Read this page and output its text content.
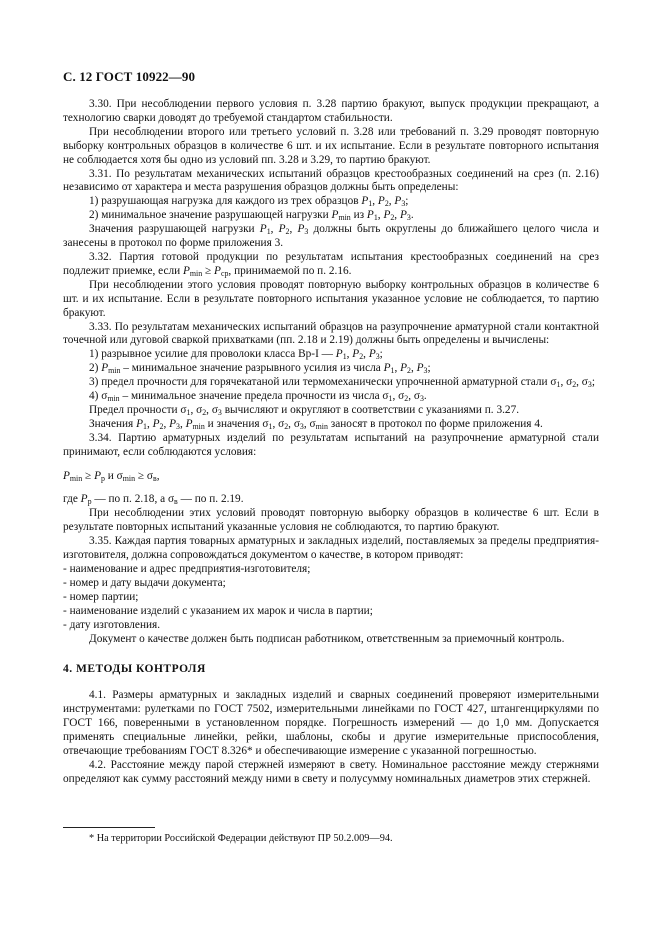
С. 12 ГОСТ 10922—90

3.30. При несоблюдении первого условия п. 3.28 партию бракуют, выпуск продукции прекращают, а технологию сварки доводят до требуемой стандартом стабильности.

При несоблюдении второго или третьего условий п. 3.28 или требований п. 3.29 проводят повторную выборку контрольных образцов в количестве 6 шт. и их испытание. Если в результате повторного испытания не соблюдается хотя бы одно из условий пп. 3.28 и 3.29, то партию бракуют.

3.31. По результатам механических испытаний образцов крестообразных соединений на срез (п. 2.16) независимо от характера и места разрушения образцов должны быть определены:

1) разрушающая нагрузка для каждого из трех образцов $P_1$, $P_2$, $P_3$;

2) минимальное значение разрушающей нагрузки $P_{min}$ из $P_1$, $P_2$, $P_3$.

Значения разрушающей нагрузки $P_1$, $P_2$, $P_3$ должны быть округлены до ближайшего целого числа и занесены в протокол по форме приложения 3.

3.32. Партия готовой продукции по результатам испытания крестообразных соединений на срез подлежит приемке, если $P_{min} \ge P_{ср}$, принимаемой по п. 2.16.

При несоблюдении этого условия проводят повторную выборку контрольных образцов в количестве 6 шт. и их испытание. Если в результате повторного испытания указанное условие не соблюдается, то партию бракуют.

3.33. По результатам механических испытаний образцов на разупрочнение арматурной стали контактной точечной или дуговой сваркой прихватками (пп. 2.18 и 2.19) должны быть определены и вычислены:

1) разрывное усилие для проволоки класса Вр-I — $P_1$, $P_2$, $P_3$;

2) $P_{min}$ – минимальное значение разрывного усилия из числа $P_1$, $P_2$, $P_3$;

3) предел прочности для горячекатаной или термомеханически упрочненной арматурной стали $\sigma_1$, $\sigma_2$, $\sigma_3$;

4) $\sigma_{min}$ – минимальное значение предела прочности из числа $\sigma_1$, $\sigma_2$, $\sigma_3$.

Предел прочности $\sigma_1$, $\sigma_2$, $\sigma_3$ вычисляют и округляют в соответствии с указаниями п. 3.27.

Значения $P_1$, $P_2$, $P_3$, $P_{min}$ и значения $\sigma_1$, $\sigma_2$, $\sigma_3$, $\sigma_{min}$ заносят в протокол по форме приложения 4.

3.34. Партию арматурных изделий по результатам испытаний на разупрочнение арматурной стали принимают, если соблюдаются условия:

$P_{min} \ge P_р$ и $\sigma_{min} \ge \sigma_в$,

где $P_р$ — по п. 2.18, а $\sigma_в$ — по п. 2.19.

При несоблюдении этих условий проводят повторную выборку образцов в количестве 6 шт. Если в результате повторных испытаний указанные условия не соблюдаются, то партию бракуют.

3.35. Каждая партия товарных арматурных и закладных изделий, поставляемых за пределы предприятия-изготовителя, должна сопровождаться документом о качестве, в котором приводят:

- наименование и адрес предприятия-изготовителя;

- номер и дату выдачи документа;

- номер партии;

- наименование изделий с указанием их марок и числа в партии;

- дату изготовления.

Документ о качестве должен быть подписан работником, ответственным за приемочный контроль.

4. МЕТОДЫ КОНТРОЛЯ

4.1. Размеры арматурных и закладных изделий и сварных соединений проверяют измерительными инструментами: рулетками по ГОСТ 7502, измерительными линейками по ГОСТ 427, штангенциркулями по ГОСТ 166, поверенными в установленном порядке. Погрешность измерений — до 1,0 мм. Допускается применять специальные линейки, рейки, шаблоны, скобы и другие измерительные приспособления, отвечающие требованиям ГОСТ 8.326* и обеспечивающие измерение с указанной погрешностью.

4.2. Расстояние между парой стержней измеряют в свету. Номинальное расстояние между стержнями определяют как сумму расстояний между ними в свету и полусумму номинальных диаметров этих стержней.

* На территории Российской Федерации действуют ПР 50.2.009—94.
